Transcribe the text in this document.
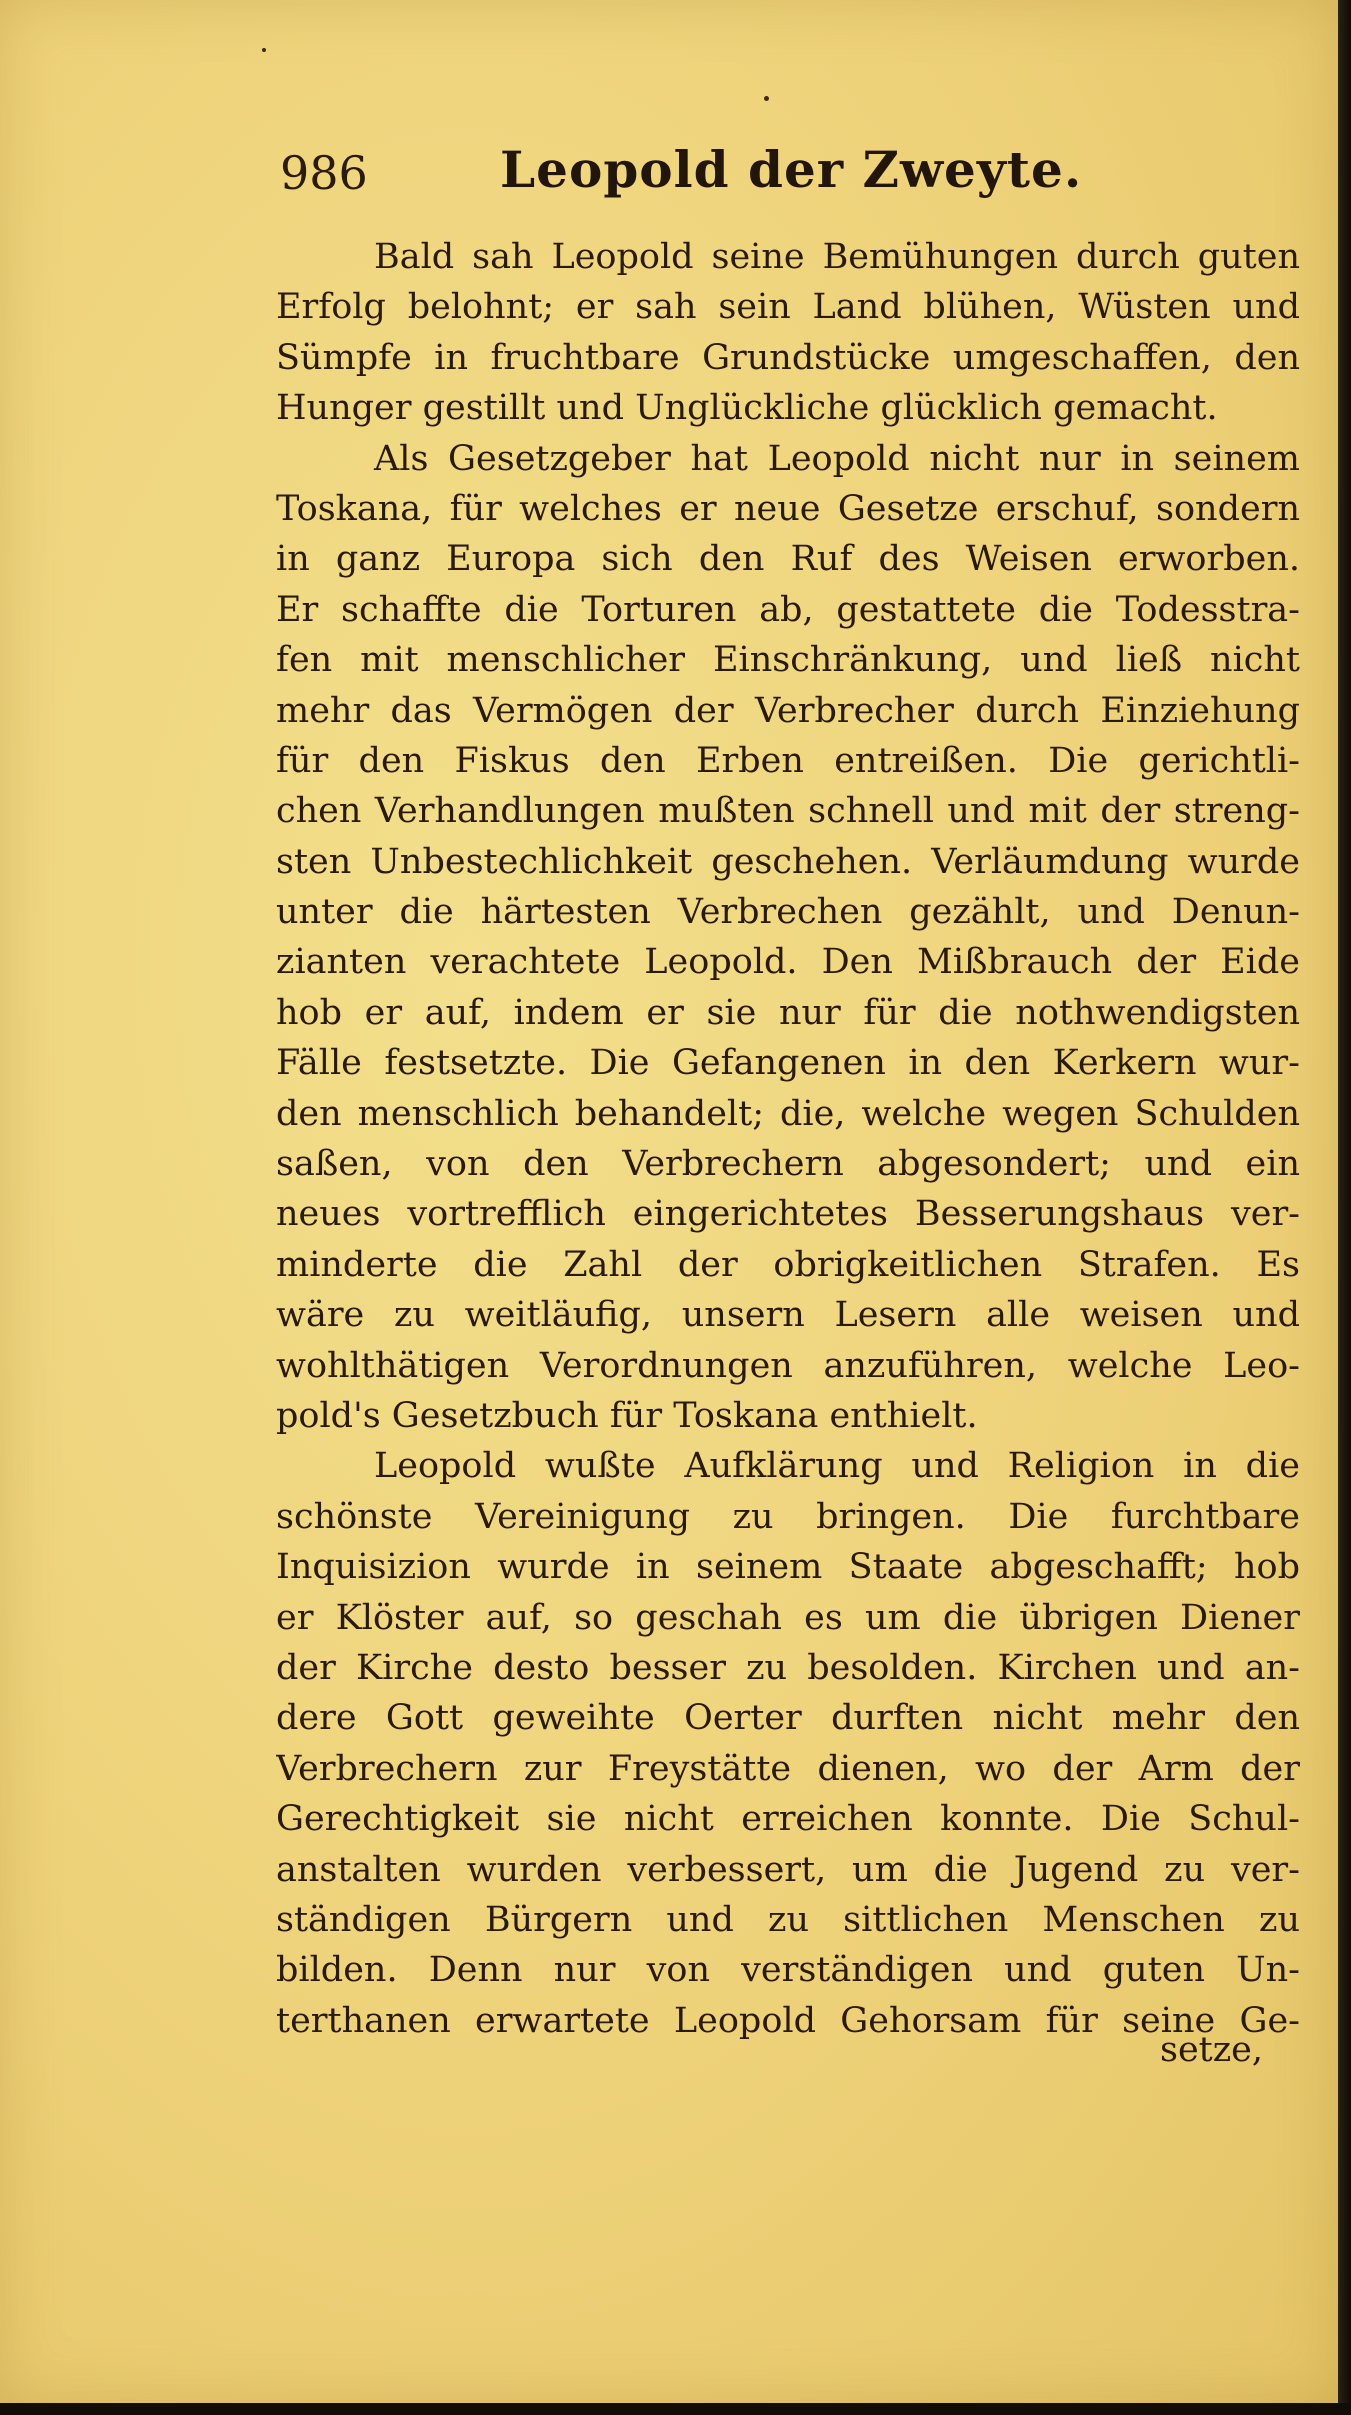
986	Leopold der Zweyte.
Bald sah Leopold seine Bemühungen durch guten
Erfolg belohnt; er sah sein Land blühen, Wüsten und
Sümpfe in fruchtbare Grundstücke umgeschaffen, den
Hunger gestillt und Unglückliche glücklich gemacht.
Als Gesetzgeber hat Leopold nicht nur in seinem
Toskana, für welches er neue Gesetze erschuf, sondern
in ganz Europa sich den Ruf des Weisen erworben.
Er schaffte die Torturen ab, gestattete die Todesstra-
fen mit menschlicher Einschränkung, und ließ nicht
mehr das Vermögen der Verbrecher durch Einziehung
für den Fiskus den Erben entreißen. Die gerichtli-
chen Verhandlungen mußten schnell und mit der streng-
sten Unbestechlichkeit geschehen. Verläumdung wurde
unter die härtesten Verbrechen gezählt, und Denun-
zianten verachtete Leopold. Den Mißbrauch der Eide
hob er auf, indem er sie nur für die nothwendigsten
Fälle festsetzte. Die Gefangenen in den Kerkern wur-
den menschlich behandelt; die, welche wegen Schulden
saßen, von den Verbrechern abgesondert; und ein
neues vortrefflich eingerichtetes Besserungshaus ver-
minderte die Zahl der obrigkeitlichen Strafen. Es
wäre zu weitläufig, unsern Lesern alle weisen und
wohlthätigen Verordnungen anzuführen, welche Leo-
pold's Gesetzbuch für Toskana enthielt.
Leopold wußte Aufklärung und Religion in die
schönste Vereinigung zu bringen. Die furchtbare
Inquisizion wurde in seinem Staate abgeschafft; hob
er Klöster auf, so geschah es um die übrigen Diener
der Kirche desto besser zu besolden. Kirchen und an-
dere Gott geweihte Oerter durften nicht mehr den
Verbrechern zur Freystätte dienen, wo der Arm der
Gerechtigkeit sie nicht erreichen konnte. Die Schul-
anstalten wurden verbessert, um die Jugend zu ver-
ständigen Bürgern und zu sittlichen Menschen zu
bilden. Denn nur von verständigen und guten Un-
terthanen erwartete Leopold Gehorsam für seine Ge-
setze,
